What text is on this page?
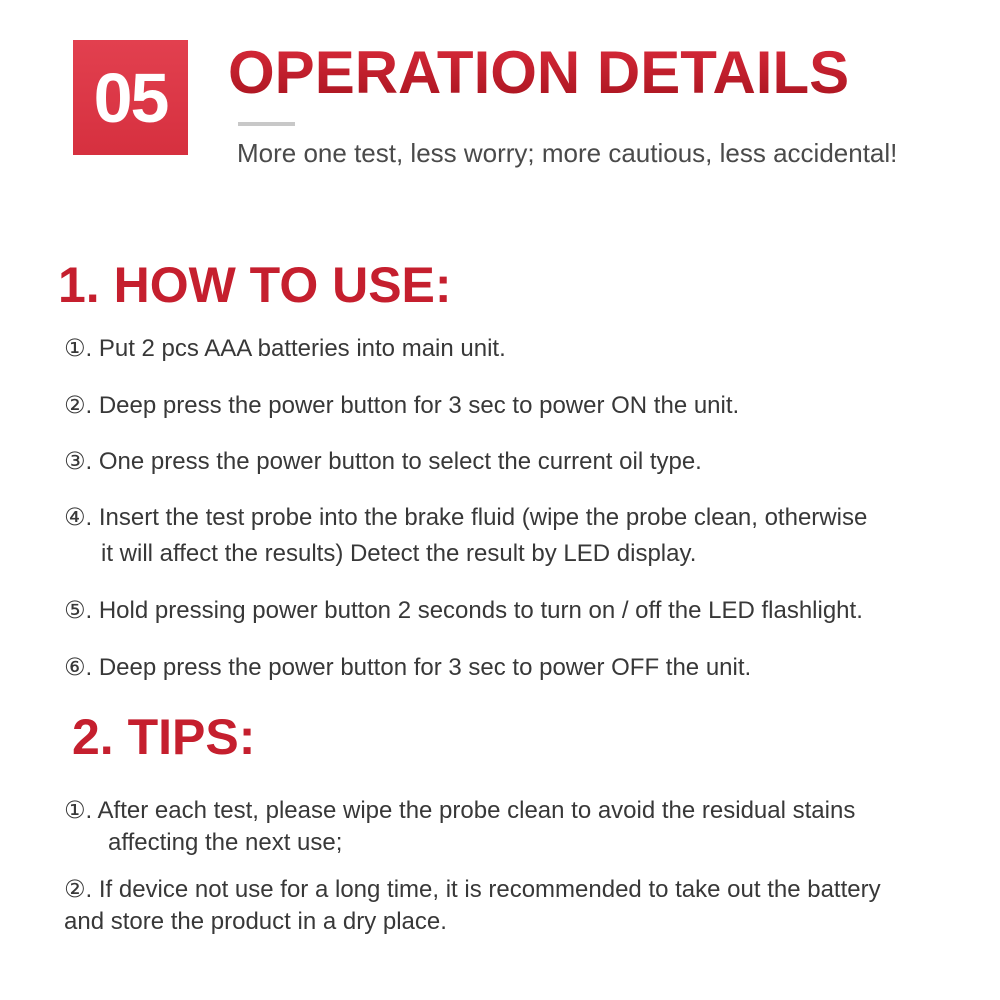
05 OPERATION DETAILS
More one test, less worry; more cautious, less accidental!
1. HOW TO USE:
①. Put 2 pcs AAA batteries into main unit.
②. Deep press the power button for 3 sec to power ON the unit.
③. One press the power button to select the current oil type.
④. Insert the test probe into the brake fluid (wipe the probe clean, otherwise
it will affect the results) Detect the result by LED display.
⑤. Hold pressing power button 2 seconds to turn on / off the LED flashlight.
⑥. Deep press the power button for 3 sec to power OFF the unit.
2. TIPS:
①. After each test, please wipe the probe clean to avoid the residual stains
affecting the next use;
②. If device not use for a long time, it is recommended to take out the battery
and store the product in a dry place.
